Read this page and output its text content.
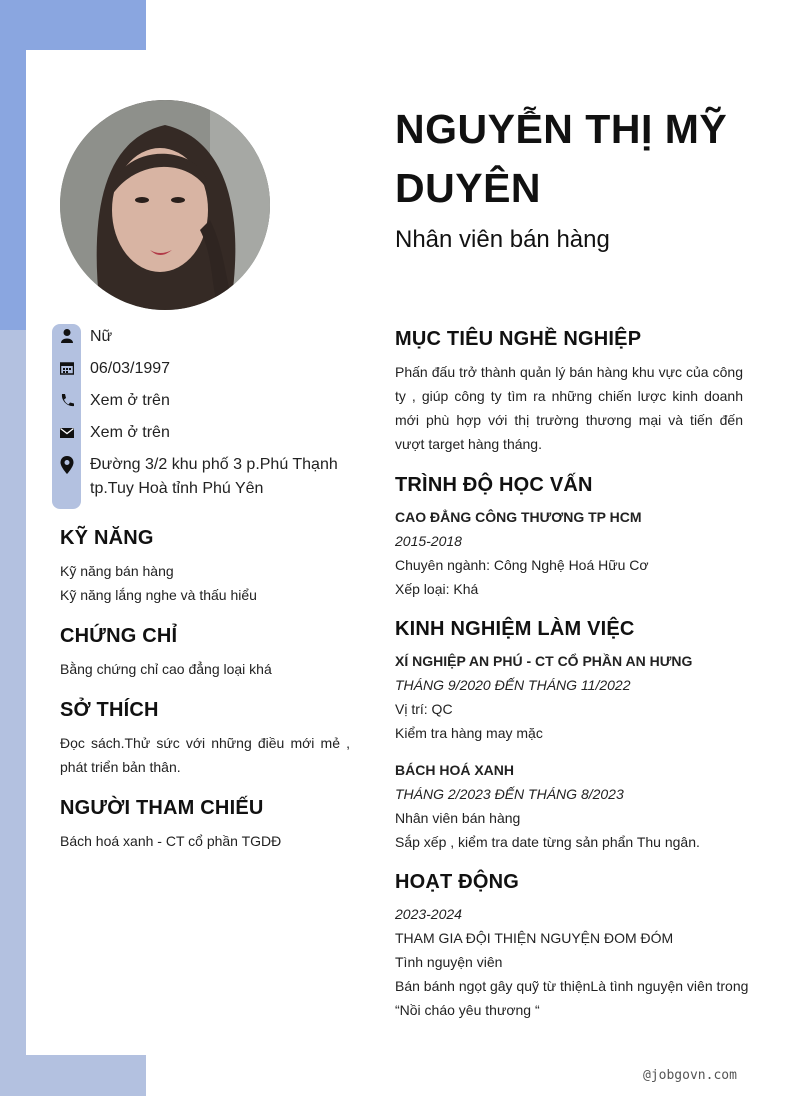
NGUYỄN THỊ MỸ DUYÊN
Nhân viên bán hàng
Nữ
06/03/1997
Xem ở trên
Xem ở trên
Đường 3/2 khu phố 3 p.Phú Thạnh tp.Tuy Hoà tỉnh Phú Yên
KỸ NĂNG

Kỹ năng bán hàng

Kỹ năng lắng nghe và thấu hiểu

CHỨNG CHỈ

Bằng chứng chỉ cao đẳng loại khá

SỞ THÍCH
Đọc sách.Thử sức với những điều mới mẻ , phát triển bản thân.
NGƯỜI THAM CHIẾU
Bách hoá xanh - CT cổ phần TGDĐ
MỤC TIÊU NGHỀ NGHIỆP
Phấn đấu trở thành quản lý bán hàng khu vực của công ty , giúp công ty tìm ra những chiến lược kinh doanh mới phù hợp với thị trường thương mại và tiến đến vượt target hàng tháng.
TRÌNH ĐỘ HỌC VẤN

CAO ĐẲNG CÔNG THƯƠNG TP HCM

2015-2018

Chuyên ngành: Công Nghệ Hoá Hữu Cơ

Xếp loại: Khá

KINH NGHIỆM LÀM VIỆC

XÍ NGHIỆP AN PHÚ - CT CỔ PHẦN AN HƯNG

THÁNG 9/2020 ĐẾN THÁNG 11/2022

Vị trí: QC

Kiểm tra hàng may mặc

BÁCH HOÁ XANH

THÁNG 2/2023 ĐẾN THÁNG 8/2023

Nhân viên bán hàng

Sắp xếp , kiểm tra date từng sản phẩn Thu ngân.

HOẠT ĐỘNG

2023-2024

THAM GIA ĐỘI THIỆN NGUYỆN ĐOM ĐÓM

Tình nguyện viên

Bán bánh ngọt gây quỹ từ thiệnLà tình nguyện viên trong “Nồi cháo yêu thương “

@jobgovn.com
